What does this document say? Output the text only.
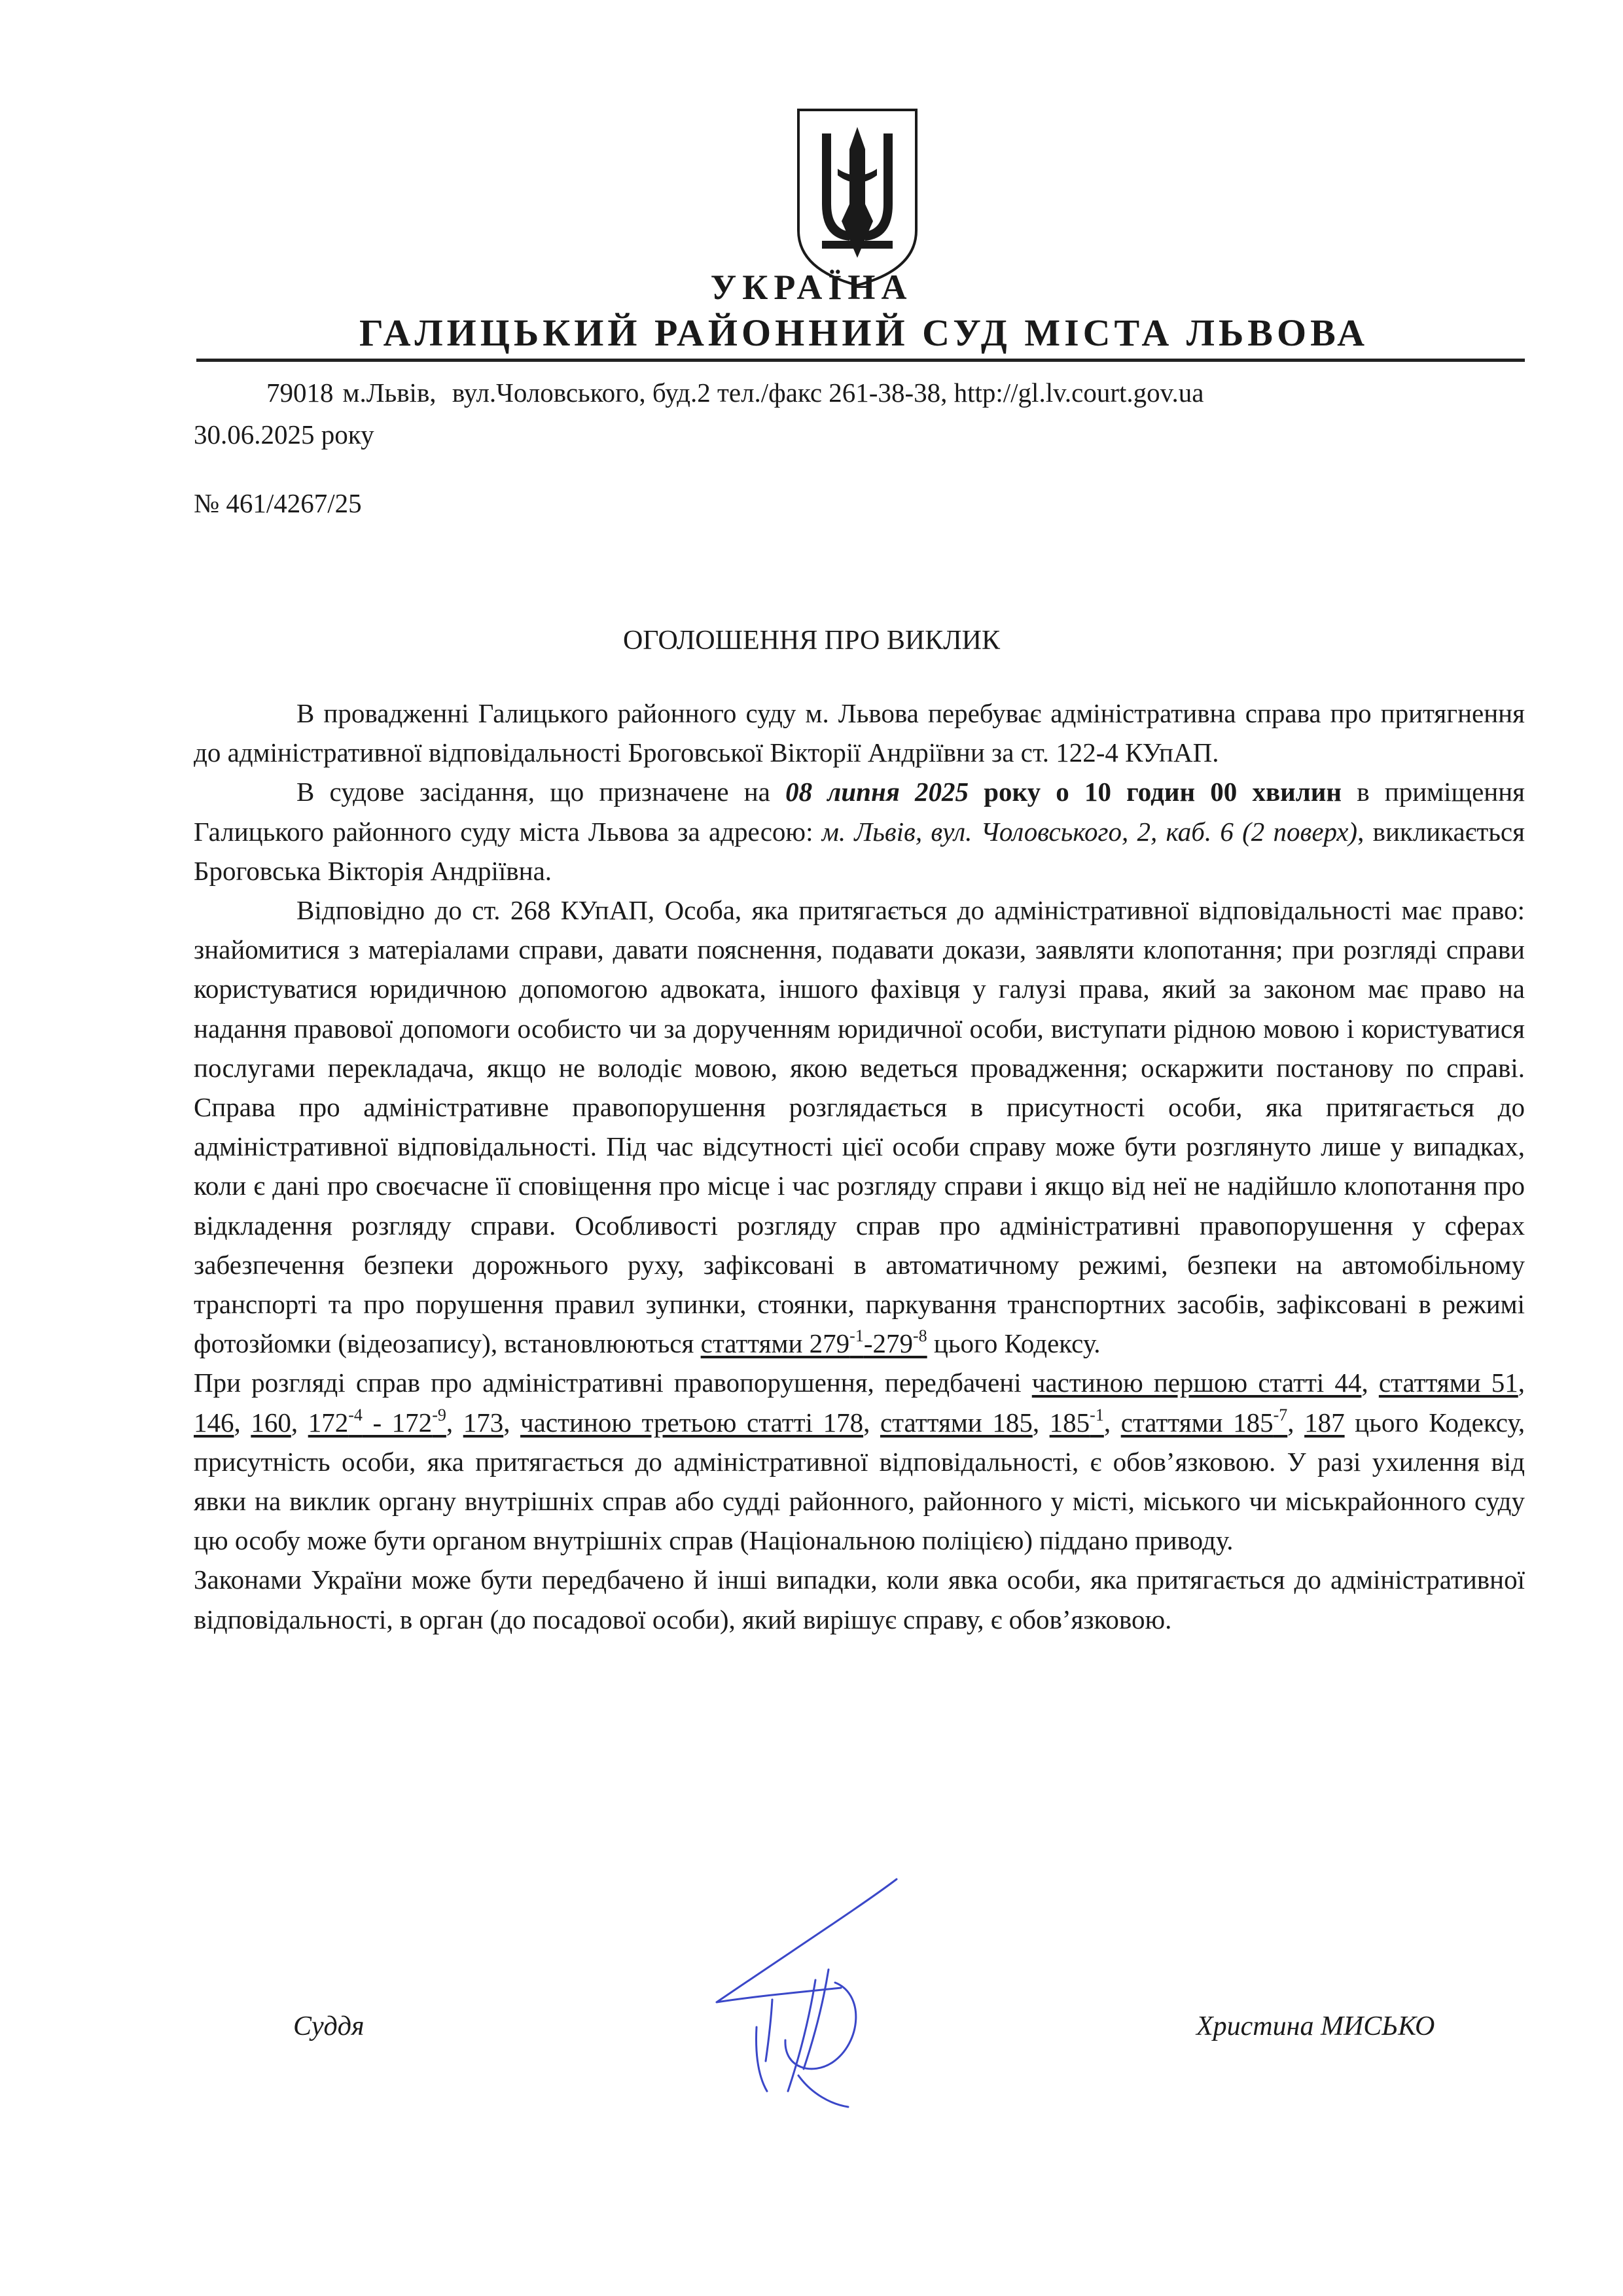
УКРАЇНА
ГАЛИЦЬКИЙ РАЙОННИЙ СУД МІСТА ЛЬВОВА
79018 м.Львів, вул.Чоловського, буд.2 тел./факс 261-38-38, http://gl.lv.court.gov.ua
30.06.2025 року
№ 461/4267/25
ОГОЛОШЕННЯ ПРО ВИКЛИК

В провадженні Галицького районного суду м. Львова перебуває адміністративна справа про притягнення до адміністративної відповідальності Броговської Вікторії Андріївни за ст. 122-4 КУпАП.

В судове засідання, що призначене на 08 липня 2025 року о 10 годин 00 хвилин в приміщення Галицького районного суду міста Львова за адресою: м. Львів, вул. Чоловського, 2, каб. 6 (2 поверх), викликається Броговська Вікторія Андріївна.

Відповідно до ст. 268 КУпАП, Особа, яка притягається до адміністративної відповідальності має право: знайомитися з матеріалами справи, давати пояснення, подавати докази, заявляти клопотання; при розгляді справи користуватися юридичною допомогою адвоката, іншого фахівця у галузі права, який за законом має право на надання правової допомоги особисто чи за дорученням юридичної особи, виступати рідною мовою і користуватися послугами перекладача, якщо не володіє мовою, якою ведеться провадження; оскаржити постанову по справі. Справа про адміністративне правопорушення розглядається в присутності особи, яка притягається до адміністративної відповідальності. Під час відсутності цієї особи справу може бути розглянуто лише у випадках, коли є дані про своєчасне її сповіщення про місце і час розгляду справи і якщо від неї не надійшло клопотання про відкладення розгляду справи. Особливості розгляду справ про адміністративні правопорушення у сферах забезпечення безпеки дорожнього руху, зафіксовані в автоматичному режимі, безпеки на автомобільному транспорті та про порушення правил зупинки, стоянки, паркування транспортних засобів, зафіксовані в режимі фотозйомки (відеозапису), встановлюються статтями $279^{-1}-279^{-8}$ цього Кодексу.

При розгляді справ про адміністративні правопорушення, передбачені частиною першою статті 44, статтями 51, 146, 160, $172^{-4} - 172^{-9}$, 173, частиною третьою статті 178, статтями 185, $185^{-1}$, статтями $185^{-7}$, 187 цього Кодексу, присутність особи, яка притягається до адміністративної відповідальності, є обов’язковою. У разі ухилення від явки на виклик органу внутрішніх справ або судді районного, районного у місті, міського чи міськрайонного суду цю особу може бути органом внутрішніх справ (Національною поліцією) піддано приводу.

Законами України може бути передбачено й інші випадки, коли явка особи, яка притягається до адміністративної відповідальності, в орган (до посадової особи), який вирішує справу, є обов’язковою.

Суддя	Христина МИСЬКО
